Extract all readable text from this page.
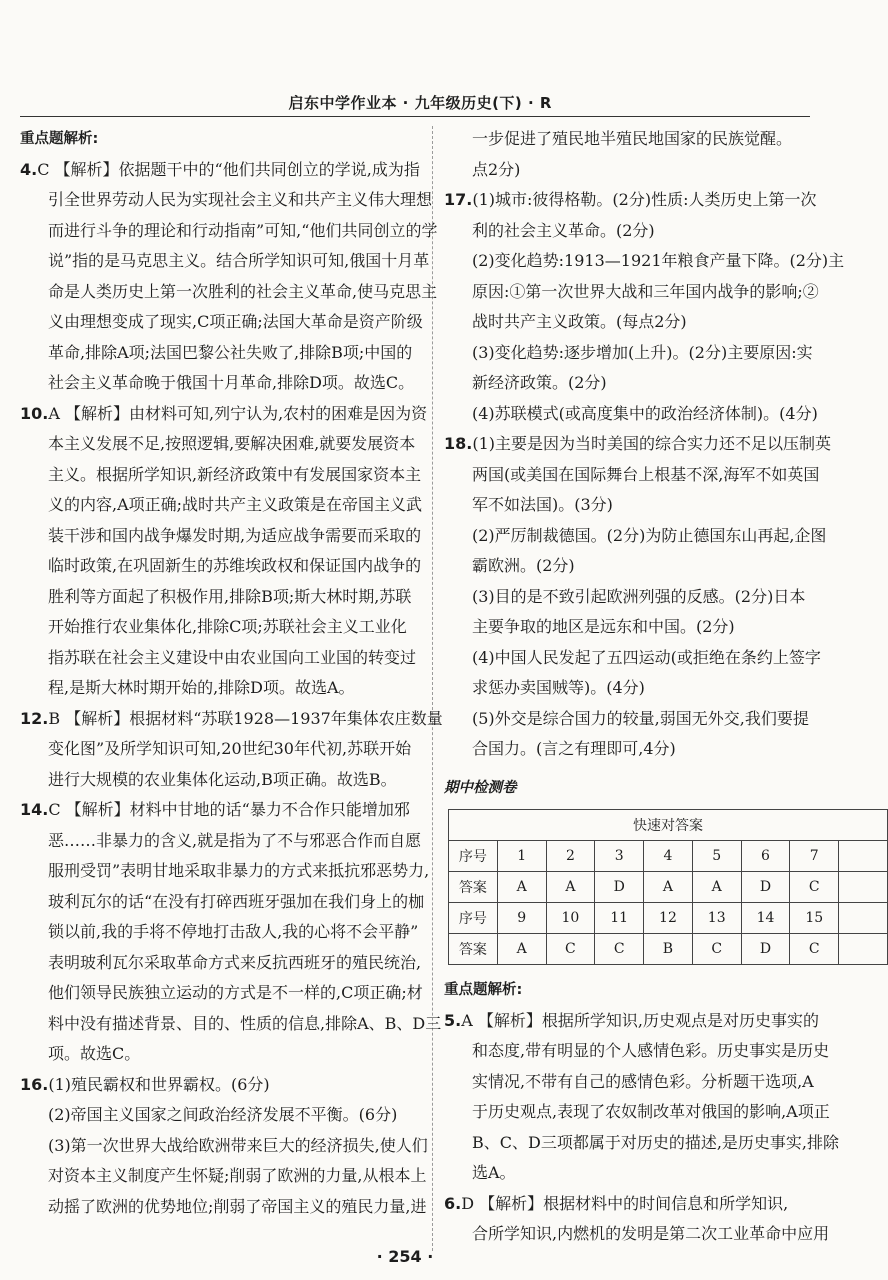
启东中学作业本 · 九年级历史(下) · R
重点题解析:
4.C 【解析】依据题干中的“他们共同创立的学说,成为指
引全世界劳动人民为实现社会主义和共产主义伟大理想
而进行斗争的理论和行动指南”可知,“他们共同创立的学
说”指的是马克思主义。结合所学知识可知,俄国十月革
命是人类历史上第一次胜利的社会主义革命,使马克思主
义由理想变成了现实,C项正确;法国大革命是资产阶级
革命,排除A项;法国巴黎公社失败了,排除B项;中国的
社会主义革命晚于俄国十月革命,排除D项。故选C。
10.A 【解析】由材料可知,列宁认为,农村的困难是因为资
本主义发展不足,按照逻辑,要解决困难,就要发展资本
主义。根据所学知识,新经济政策中有发展国家资本主
义的内容,A项正确;战时共产主义政策是在帝国主义武
装干涉和国内战争爆发时期,为适应战争需要而采取的
临时政策,在巩固新生的苏维埃政权和保证国内战争的
胜利等方面起了积极作用,排除B项;斯大林时期,苏联
开始推行农业集体化,排除C项;苏联社会主义工业化
指苏联在社会主义建设中由农业国向工业国的转变过
程,是斯大林时期开始的,排除D项。故选A。
12.B 【解析】根据材料“苏联1928—1937年集体农庄数量
变化图”及所学知识可知,20世纪30年代初,苏联开始
进行大规模的农业集体化运动,B项正确。故选B。
14.C 【解析】材料中甘地的话“暴力不合作只能增加邪
恶……非暴力的含义,就是指为了不与邪恶合作而自愿
服刑受罚”表明甘地采取非暴力的方式来抵抗邪恶势力,
玻利瓦尔的话“在没有打碎西班牙强加在我们身上的枷
锁以前,我的手将不停地打击敌人,我的心将不会平静”
表明玻利瓦尔采取革命方式来反抗西班牙的殖民统治,
他们领导民族独立运动的方式是不一样的,C项正确;材
料中没有描述背景、目的、性质的信息,排除A、B、D三
项。故选C。
16.(1)殖民霸权和世界霸权。(6分)
(2)帝国主义国家之间政治经济发展不平衡。(6分)
(3)第一次世界大战给欧洲带来巨大的经济损失,使人们
对资本主义制度产生怀疑;削弱了欧洲的力量,从根本上
动摇了欧洲的优势地位;削弱了帝国主义的殖民力量,进
一步促进了殖民地半殖民地国家的民族觉醒。
点2分)
17.(1)城市:彼得格勒。(2分)性质:人类历史上第一次
利的社会主义革命。(2分)
(2)变化趋势:1913—1921年粮食产量下降。(2分)主
原因:①第一次世界大战和三年国内战争的影响;②
战时共产主义政策。(每点2分)
(3)变化趋势:逐步增加(上升)。(2分)主要原因:实
新经济政策。(2分)
(4)苏联模式(或高度集中的政治经济体制)。(4分)
18.(1)主要是因为当时美国的综合实力还不足以压制英
两国(或美国在国际舞台上根基不深,海军不如英国
军不如法国)。(3分)
(2)严厉制裁德国。(2分)为防止德国东山再起,企图
霸欧洲。(2分)
(3)目的是不致引起欧洲列强的反感。(2分)日本
主要争取的地区是远东和中国。(2分)
(4)中国人民发起了五四运动(或拒绝在条约上签字
求惩办卖国贼等)。(4分)
(5)外交是综合国力的较量,弱国无外交,我们要提
合国力。(言之有理即可,4分)
期中检测卷
快速对答案								
序号	1	2	3	4	5	6	7	
答案	A	A	D	A	A	D	C	
序号	9	10	11	12	13	14	15	
答案	A	C	C	B	C	D	C	
重点题解析:
5.A 【解析】根据所学知识,历史观点是对历史事实的
和态度,带有明显的个人感情色彩。历史事实是历史
实情况,不带有自己的感情色彩。分析题干选项,A
于历史观点,表现了农奴制改革对俄国的影响,A项正
B、C、D三项都属于对历史的描述,是历史事实,排除
选A。
6.D 【解析】根据材料中的时间信息和所学知识,
合所学知识,内燃机的发明是第二次工业革命中应用
· 254 ·
